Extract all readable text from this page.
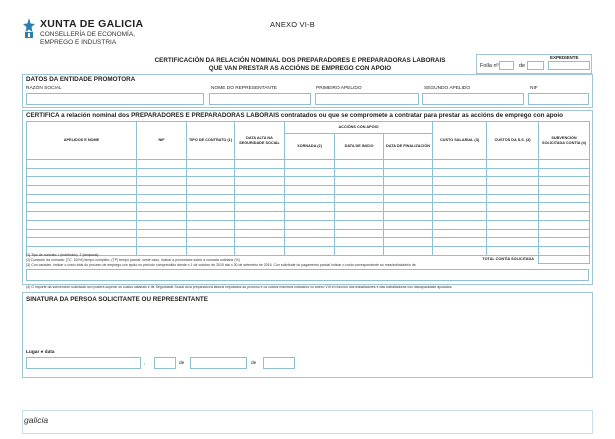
XUNTA DE GALICIA
CONSELLERÍA DE ECONOMÍA,
EMPREGO E INDUSTRIA
ANEXO VI-B
CERTIFICACIÓN DA RELACIÓN NOMINAL DOS PREPARADORES E PREPARADORAS LABORAIS
QUE VAN PRESTAR AS ACCIÓNS DE EMPREGO CON APOIO
EXPEDIENTE
Folla nº	de
DATOS DA ENTIDADE PROMOTORA
RAZÓN SOCIAL	NOME DO REPRESENTANTE	PRIMEIRO APELIDO	SEGUNDO APELIDO	NIF
CERTIFICA a relación nominal dos PREPARADORES E PREPARADORAS LABORAIS contratados ou que se compromete a contratar para prestar as accións de emprego con apoio
APELIDOS E NOME	NIF	TIPO DE CONTRATO (1)	DATA ALTA NA SEGURIDADE SOCIAL	ACCIÓNS CON APOIO			CUSTO SALARIAL (3)	CUSTOS DA S.S. (3)	SUBVENCIÓN SOLICITADA CONTÍA (4)
				XORNADA (2)	DATA DE INICIO	DATA DE FINALIZACIÓN			

TOTAL CONTÍA SOLICITADA									
(1) Tipo de contrato: I (indefinido), T (temporal)
(2) Duración da xornada: (TC: 100%) tempo completo, (TP) tempo parcial: neste caso, indicar a porcentaxe sobre a xornada ordinaria (%)
(3) Con carácter, indicar o custo total do proceso de emprego con apoio no período comprendido desde o 1 de outubro de 2015 ata o 30 de setembro de 2016. Con solicitude do pagamento parcial indicar o custo correspondente ao mes/actividade/s de
(4) O importe da subvención solicitada non poderá superar os custos salariais e de Seguridade Social do/a preparador/a laboral imputados ao proceso e os custos máximos indicados no anexo VIII en función dos traballadores e das traballadoras con discapacidade apoiados.
SINATURA DA PERSOA SOLICITANTE OU REPRESENTANTE
Lugar e data
,	de	de
galicia
